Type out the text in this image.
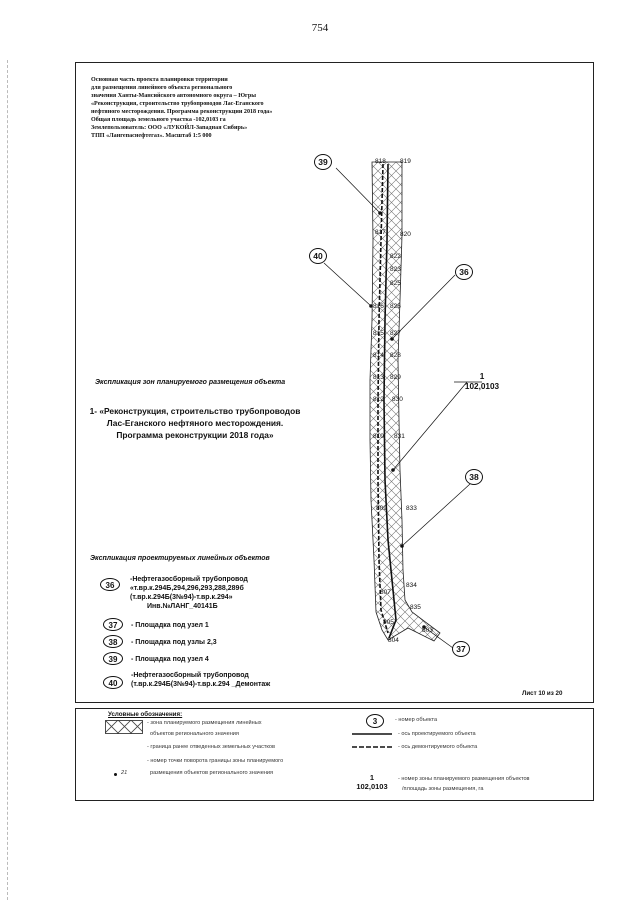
754
Основная часть проекта планировки территории
для размещения линейного объекта регионального
значения Ханты-Мансийского автономного округа – Югры
«Реконструкция, строительство трубопроводов Лас-Еганского
нефтяного месторождения. Программа реконструкции 2018 года»
Общая площадь земельного участка -102,0103 га
Землепользователь: ООО «ЛУКОЙЛ-Западная Сибирь»
ТПП «Лангепаснефтегаз». Масштаб 1:5 000
39
40
36
38
37
1
102,0103
818
817
816
815
814
813
812
810
809
807
805
804
819
820
822
823
825
826
827
828
829
830
831
833
834
835
803
Экспликация зон планируемого размещения объекта
1- «Реконструкция, строительство трубопроводов Лас-Еганского нефтяного месторождения. Программа реконструкции 2018 года»
Экспликация проектируемых линейных объектов
36
-Нефтегазосборный трубопровод
«т.вр.к.294Б,294,296,293,288,289б
(т.вр.к.294Б(3№94)-т.вр.к.294»
Инв.№ЛАНГ_40141Б
37	- Площадка под узел 1
38	- Площадка под узлы 2,3
39	- Площадка под узел 4
40
-Нефтегазосборный трубопровод
(т.вр.к.294Б(3№94)-т.вр.к.294 _Демонтаж
Лист 10 из 20
Условные обозначения:
- зона планируемого размещения линейных
объектов регионального значения
- граница ранее отведенных земельных участков
- номер точки поворота границы зоны планируемого
размещения объектов регионального значения
21
3	- номер объекта
- ось проектируемого объекта
- ось демонтируемого объекта
1
102,0103
- номер зоны планируемого размещения объектов
/площадь зоны размещения, га
